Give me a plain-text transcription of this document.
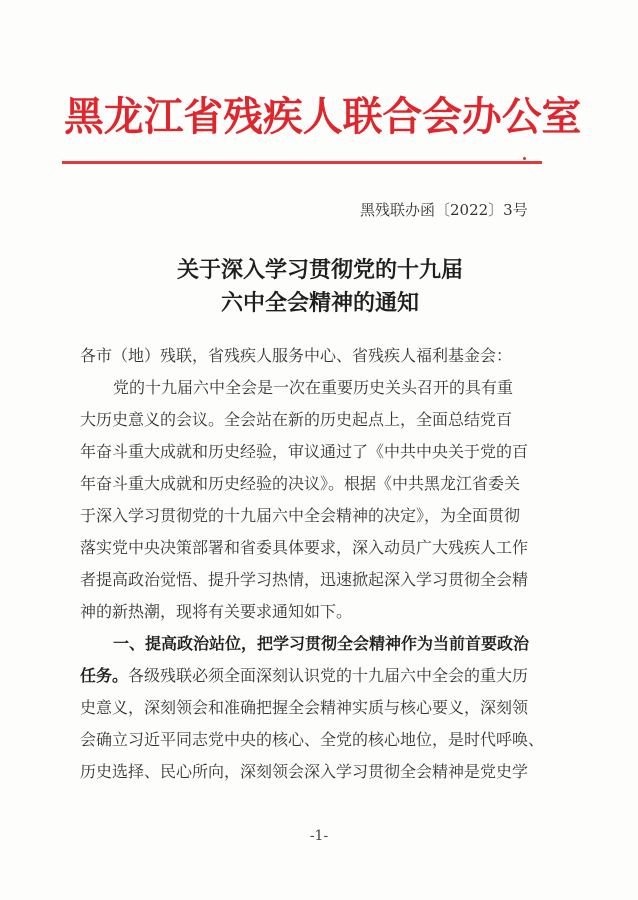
黑龙江省残疾人联合会办公室
黑残联办函〔2022〕3号
关于深入学习贯彻党的十九届
六中全会精神的通知
各市（地）残联，省残疾人服务中心、省残疾人福利基金会：
党的十九届六中全会是一次在重要历史关头召开的具有重
大历史意义的会议。全会站在新的历史起点上，全面总结党百
年奋斗重大成就和历史经验，审议通过了《中共中央关于党的百
年奋斗重大成就和历史经验的决议》。根据《中共黑龙江省委关
于深入学习贯彻党的十九届六中全会精神的决定》，为全面贯彻
落实党中央决策部署和省委具体要求，深入动员广大残疾人工作
者提高政治觉悟、提升学习热情，迅速掀起深入学习贯彻全会精
神的新热潮，现将有关要求通知如下。
一、提高政治站位，把学习贯彻全会精神作为当前首要政治
任务。各级残联必须全面深刻认识党的十九届六中全会的重大历
史意义，深刻领会和准确把握全会精神实质与核心要义，深刻领
会确立习近平同志党中央的核心、全党的核心地位，是时代呼唤、
历史选择、民心所向，深刻领会深入学习贯彻全会精神是党史学
-1-
